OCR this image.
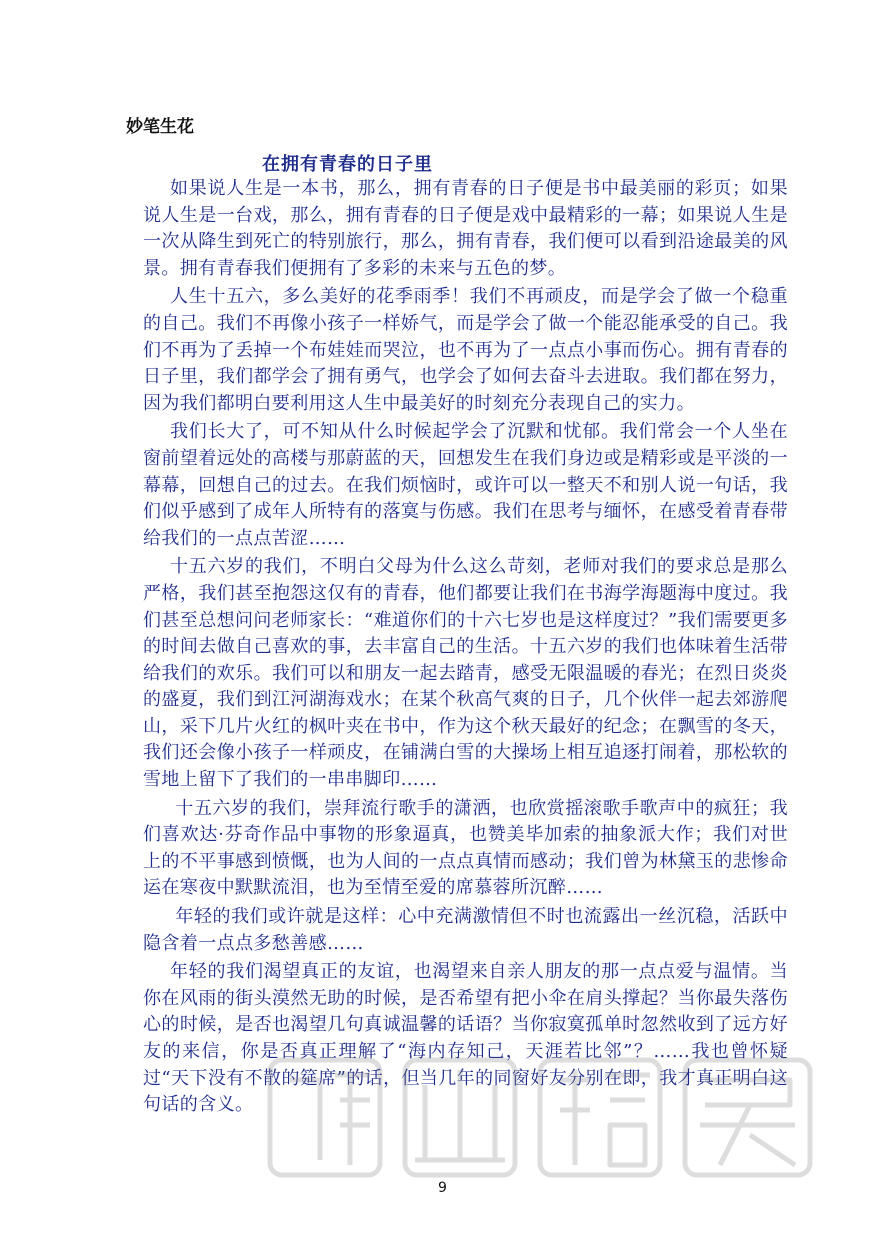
妙笔生花
在拥有青春的日子里

如果说人生是一本书，那么，拥有青春的日子便是书中最美丽的彩页；如果说人生是一台戏，那么，拥有青春的日子便是戏中最精彩的一幕；如果说人生是一次从降生到死亡的特别旅行，那么，拥有青春，我们便可以看到沿途最美的风景。拥有青春我们便拥有了多彩的未来与五色的梦。

人生十五六，多么美好的花季雨季！我们不再顽皮，而是学会了做一个稳重的自己。我们不再像小孩子一样娇气，而是学会了做一个能忍能承受的自己。我们不再为了丢掉一个布娃娃而哭泣，也不再为了一点点小事而伤心。拥有青春的日子里，我们都学会了拥有勇气，也学会了如何去奋斗去进取。我们都在努力，因为我们都明白要利用这人生中最美好的时刻充分表现自己的实力。

我们长大了，可不知从什么时候起学会了沉默和忧郁。我们常会一个人坐在窗前望着远处的高楼与那蔚蓝的天，回想发生在我们身边或是精彩或是平淡的一幕幕，回想自己的过去。在我们烦恼时，或许可以一整天不和别人说一句话，我们似乎感到了成年人所特有的落寞与伤感。我们在思考与缅怀，在感受着青春带给我们的一点点苦涩……

十五六岁的我们，不明白父母为什么这么苛刻，老师对我们的要求总是那么严格，我们甚至抱怨这仅有的青春，他们都要让我们在书海学海题海中度过。我们甚至总想问问老师家长：“难道你们的十六七岁也是这样度过？”我们需要更多的时间去做自己喜欢的事，去丰富自己的生活。十五六岁的我们也体味着生活带给我们的欢乐。我们可以和朋友一起去踏青，感受无限温暖的春光；在烈日炎炎的盛夏，我们到江河湖海戏水；在某个秋高气爽的日子，几个伙伴一起去郊游爬山，采下几片火红的枫叶夹在书中，作为这个秋天最好的纪念；在飘雪的冬天，我们还会像小孩子一样顽皮，在铺满白雪的大操场上相互追逐打闹着，那松软的雪地上留下了我们的一串串脚印……

十五六岁的我们，崇拜流行歌手的潇洒，也欣赏摇滚歌手歌声中的疯狂；我们喜欢达·芬奇作品中事物的形象逼真，也赞美毕加索的抽象派大作；我们对世上的不平事感到愤慨，也为人间的一点点真情而感动；我们曾为林黛玉的悲惨命运在寒夜中默默流泪，也为至情至爱的席慕蓉所沉醉……

年轻的我们或许就是这样：心中充满激情但不时也流露出一丝沉稳，活跃中隐含着一点点多愁善感……

年轻的我们渴望真正的友谊，也渴望来自亲人朋友的那一点点爱与温情。当你在风雨的街头漠然无助的时候，是否希望有把小伞在肩头撑起？当你最失落伤心的时候，是否也渴望几句真诚温馨的话语？当你寂寞孤单时忽然收到了远方好友的来信，你是否真正理解了“海内存知己，天涯若比邻”？……我也曾怀疑过“天下没有不散的筵席”的话，但当几年的同窗好友分别在即，我才真正明白这句话的含义。

9
